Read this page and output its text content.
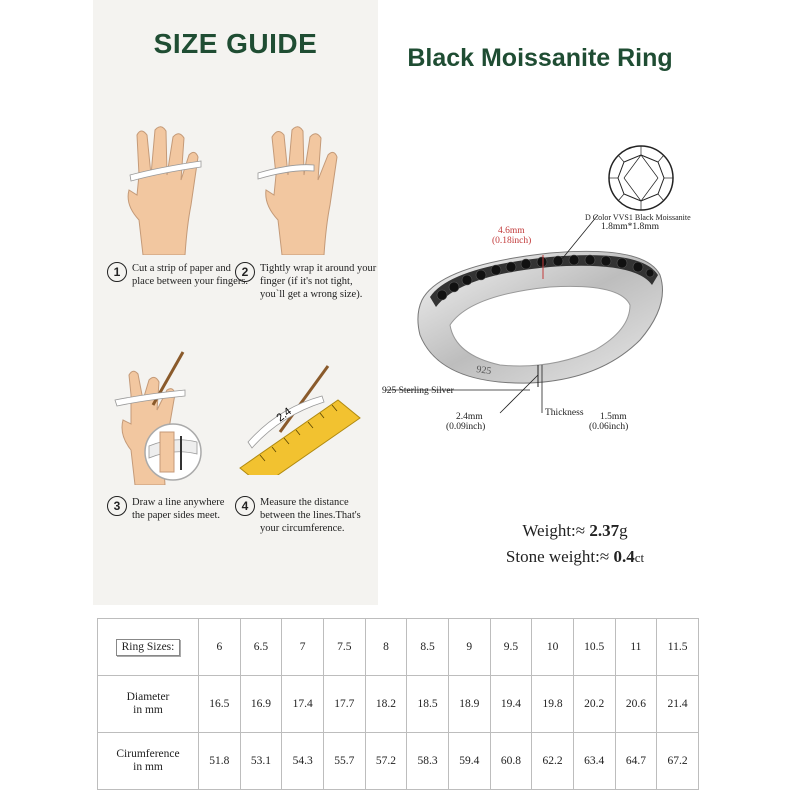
SIZE GUIDE
1	Cut a strip of paper and place between your fingers.
2	Tightly wrap it around your finger (if it's not tight, you`ll get a wrong size).
2.4
3	Draw a line anywhere the paper sides meet.
4	Measure the distance between the lines.That's your circumference.
Black Moissanite Ring
D Color VVS1 Black Moissanite
1.8mm*1.8mm
925
4.6mm
(0.18inch)
925 Sterling Silver
2.4mm
(0.09inch)
Thickness 1.5mm
(0.06inch)
Weight:≈ 2.37g
Stone weight:≈ 0.4ct
Ring Sizes:	6	6.5	7	7.5	8	8.5	9	9.5	10	10.5	11	11.5

Diameter
in mm	16.5	16.9	17.4	17.7	18.2	18.5	18.9	19.4	19.8	20.2	20.6	21.4

Cirumference
in mm	51.8	53.1	54.3	55.7	57.2	58.3	59.4	60.8	62.2	63.4	64.7	67.2
